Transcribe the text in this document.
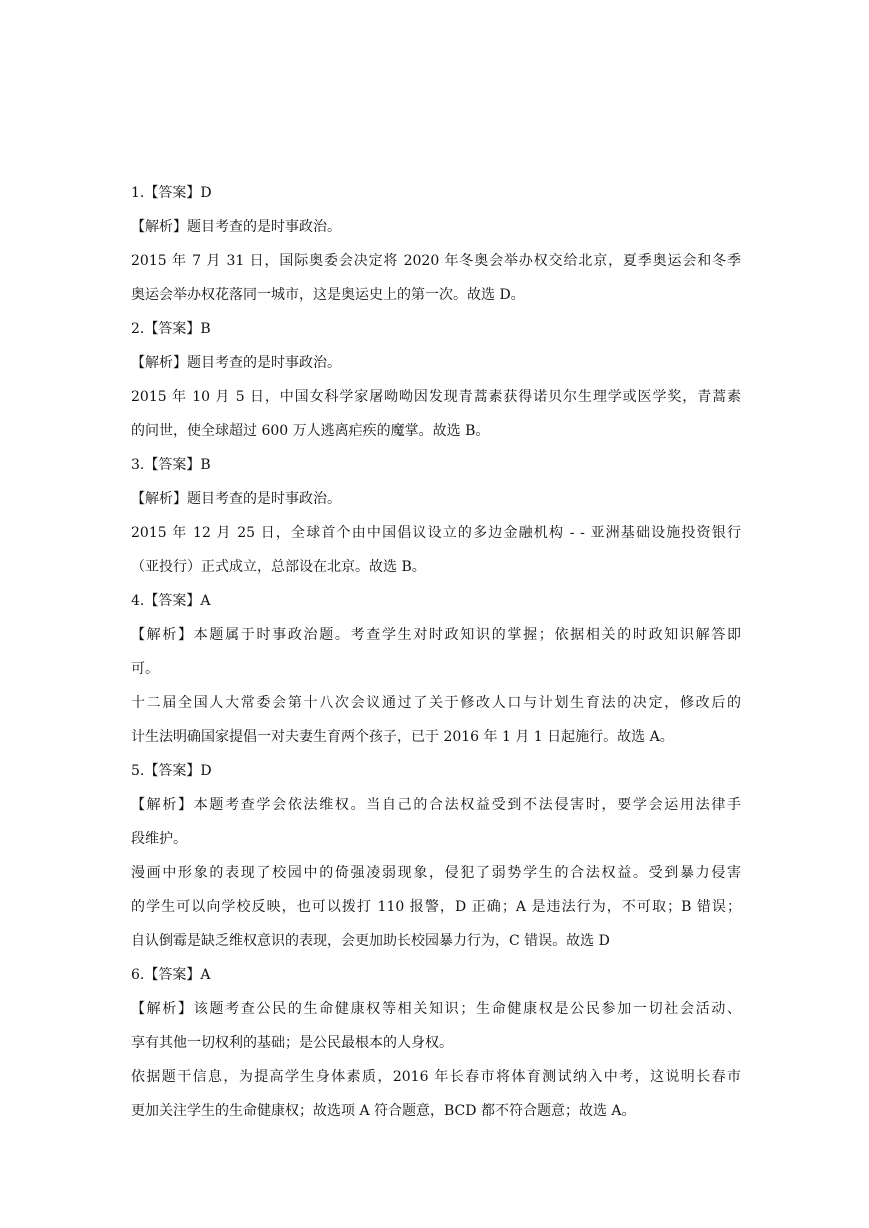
1.【答案】D
【解析】题目考查的是时事政治。
2015 年 7 月 31 日，国际奥委会决定将 2020 年冬奥会举办权交给北京，夏季奥运会和冬季
奥运会举办权花落同一城市，这是奥运史上的第一次。故选 D。
2.【答案】B
【解析】题目考查的是时事政治。
2015 年 10 月 5 日，中国女科学家屠呦呦因发现青蒿素获得诺贝尔生理学或医学奖，青蒿素
的问世，使全球超过 600 万人逃离疟疾的魔掌。故选 B。
3.【答案】B
【解析】题目考查的是时事政治。
2015 年 12 月 25 日，全球首个由中国倡议设立的多边金融机构 - - 亚洲基础设施投资银行
（亚投行）正式成立，总部设在北京。故选 B。
4.【答案】A
【解析】本题属于时事政治题。考查学生对时政知识的掌握；依据相关的时政知识解答即
可。
十二届全国人大常委会第十八次会议通过了关于修改人口与计划生育法的决定，修改后的
计生法明确国家提倡一对夫妻生育两个孩子，已于 2016 年 1 月 1 日起施行。故选 A。
5.【答案】D
【解析】本题考查学会依法维权。当自己的合法权益受到不法侵害时，要学会运用法律手
段维护。
漫画中形象的表现了校园中的倚强凌弱现象，侵犯了弱势学生的合法权益。受到暴力侵害
的学生可以向学校反映，也可以拨打 110 报警，D 正确；A 是违法行为，不可取；B 错误；
自认倒霉是缺乏维权意识的表现，会更加助长校园暴力行为，C 错误。故选 D
6.【答案】A
【解析】该题考查公民的生命健康权等相关知识；生命健康权是公民参加一切社会活动、
享有其他一切权利的基础；是公民最根本的人身权。
依据题干信息，为提高学生身体素质，2016 年长春市将体育测试纳入中考，这说明长春市
更加关注学生的生命健康权；故选项 A 符合题意，BCD 都不符合题意；故选 A。
